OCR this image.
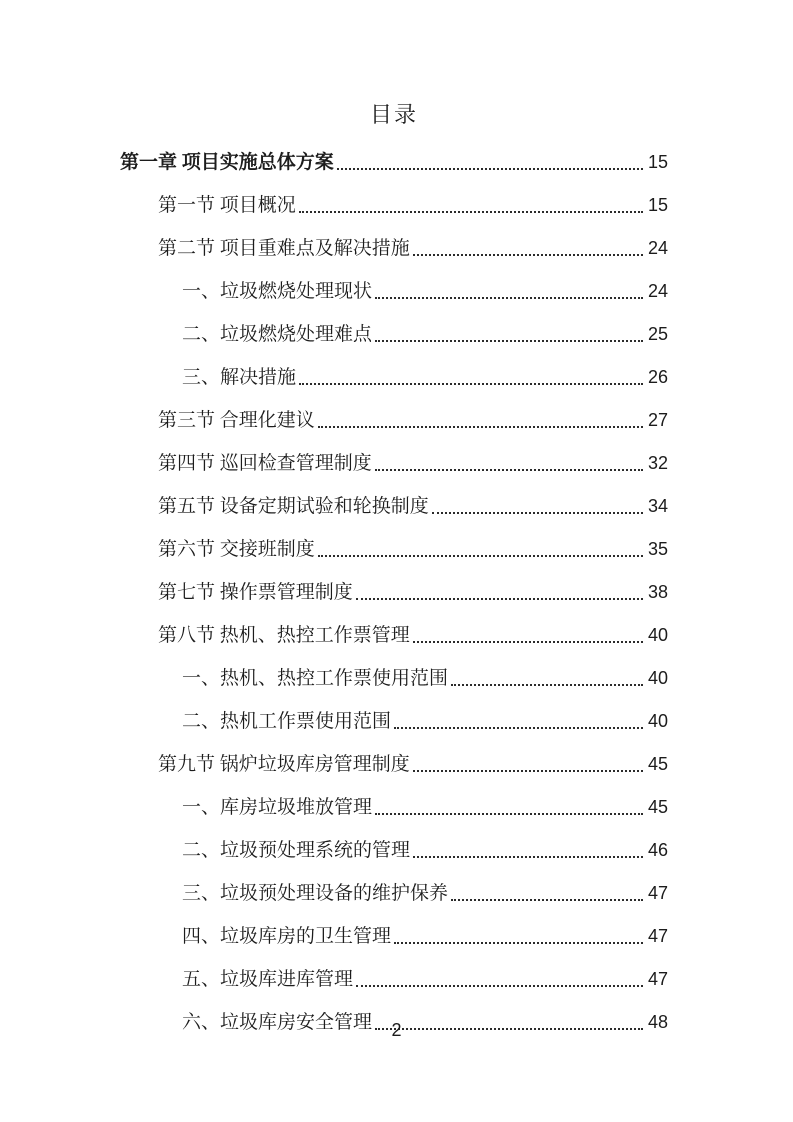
目录
第一章 项目实施总体方案	15
第一节 项目概况	15
第二节 项目重难点及解决措施	24
一、垃圾燃烧处理现状	24
二、垃圾燃烧处理难点	25
三、解决措施	26
第三节 合理化建议	27
第四节 巡回检查管理制度	32
第五节 设备定期试验和轮换制度	34
第六节 交接班制度	35
第七节 操作票管理制度	38
第八节 热机、热控工作票管理	40
一、热机、热控工作票使用范围	40
二、热机工作票使用范围	40
第九节 锅炉垃圾库房管理制度	45
一、库房垃圾堆放管理	45
二、垃圾预处理系统的管理	46
三、垃圾预处理设备的维护保养	47
四、垃圾库房的卫生管理	47
五、垃圾库进库管理	47
六、垃圾库房安全管理	48
2
